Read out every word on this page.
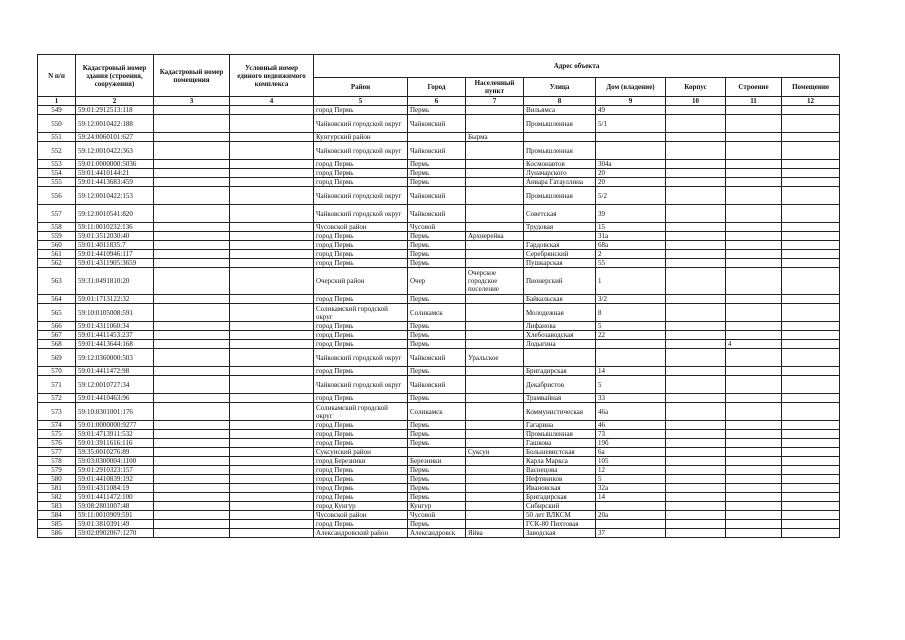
N п/п	Кадастровый номер здания (строения, сооружения)	Кадастровый номер помещения	Условный номер единого недвижимого комплекса	Адрес объекта							
				Район	Город	Населенный пункт	Улица	Дом (владение)	Корпус	Строение	Помещение
1	2	3	4	5	6	7	8	9	10	11	12
549	59:01:2912513:118			город Пермь	Пермь		Вильямса	49			
550	59:12:0010422:188			Чайковский городской округ	Чайковский		Промышленная	5/1			
551	59:24:0060101:627			Кунгурский район		Бырма					
552	59:12:0010422:363			Чайковский городской округ	Чайковский		Промышленная				
553	59:01:0000000:5036			город Пермь	Пермь		Космонавтов	304а			
554	59:01:4410144:21			город Пермь	Пермь		Луначарского	20			
555	59:01:4413683:459			город Пермь	Пермь		Анвара Гатауллина	20			
556	59:12:0010422:153			Чайковский городской округ	Чайковский		Промышленная	5/2			
557	59:12:0010541:820			Чайковский городской округ	Чайковский		Советская	39			
558	59:11:0010232:136			Чусовской район	Чусовой		Трудовая	15			
559	59:01:3512030:40			город Пермь	Пермь	Архиерейка		31а			
560	59:01:4011835:7			город Пермь	Пермь		Гардовская	68а			
561	59:01:4410946:117			город Пермь	Пермь		Серебрянский	2			
562	59:01:4311905:3659			город Пермь	Пермь		Пушкарская	55			
563	59:31:0491810:20			Очерский район	Очер	Очерское городское поселение	Пионерский	1			
564	59:01:1713122:32			город Пермь	Пермь		Байкальская	3/2			
565	59:10:0105008:591			Соликамский городской округ	Соликамск		Молодежная	8			
566	59:01:4311060:34			город Пермь	Пермь		Лифанова	5			
567	59:01:4411453:237			город Пермь	Пермь		Хлебозаводская	22			
568	59:01:4413644:168			город Пермь	Пермь		Лодыгина			4	
569	59:12:0360000:503			Чайковский городской округ	Чайковский	Уральское					
570	59:01:4411472:98			город Пермь	Пермь		Бригадирская	14			
571	59:12:0010727:34			Чайковский городской округ	Чайковский		Декабристов	5			
572	59:01:4410463:96			город Пермь	Пермь		Трамвайная	33			
573	59:10:0301001:176			Соликамский городской округ	Соликамск		Коммунистическая	46а			
574	59:01:0000000:9277			город Пермь	Пермь		Гагарина	46			
575	59:01:4713911:532			город Пермь	Пермь		Промышленная	73			
576	59:01:3911616:116			город Пермь	Пермь		Гашкова	19б			
577	59:35:0010276:89			Суксунский район		Суксун	Большевистская	6а			
578	59:03:0300004:1100			город Березники	Березники		Карла Маркса	105			
579	59:01:2910323:157			город Пермь	Пермь		Васнецова	12			
580	59:01:4410839:192			город Пермь	Пермь		Нефтяников	5			
581	59:01:4311084:19			город Пермь	Пермь		Ивановская	32а			
582	59:01:4411472:100			город Пермь	Пермь		Бригадирская	14			
583	59:08:2801007:48			город Кунгур	Кунгур		Сибирский				
584	59:11:0010909:591			Чусовской район	Чусовой		50 лет ВЛКСМ	20а			
585	59:01:3810391:49			город Пермь	Пермь		ГСК-80 Пихтовая				
586	59:02:0902067:1270			Александровский район	Александровск	Яйва	Заводская	37			
